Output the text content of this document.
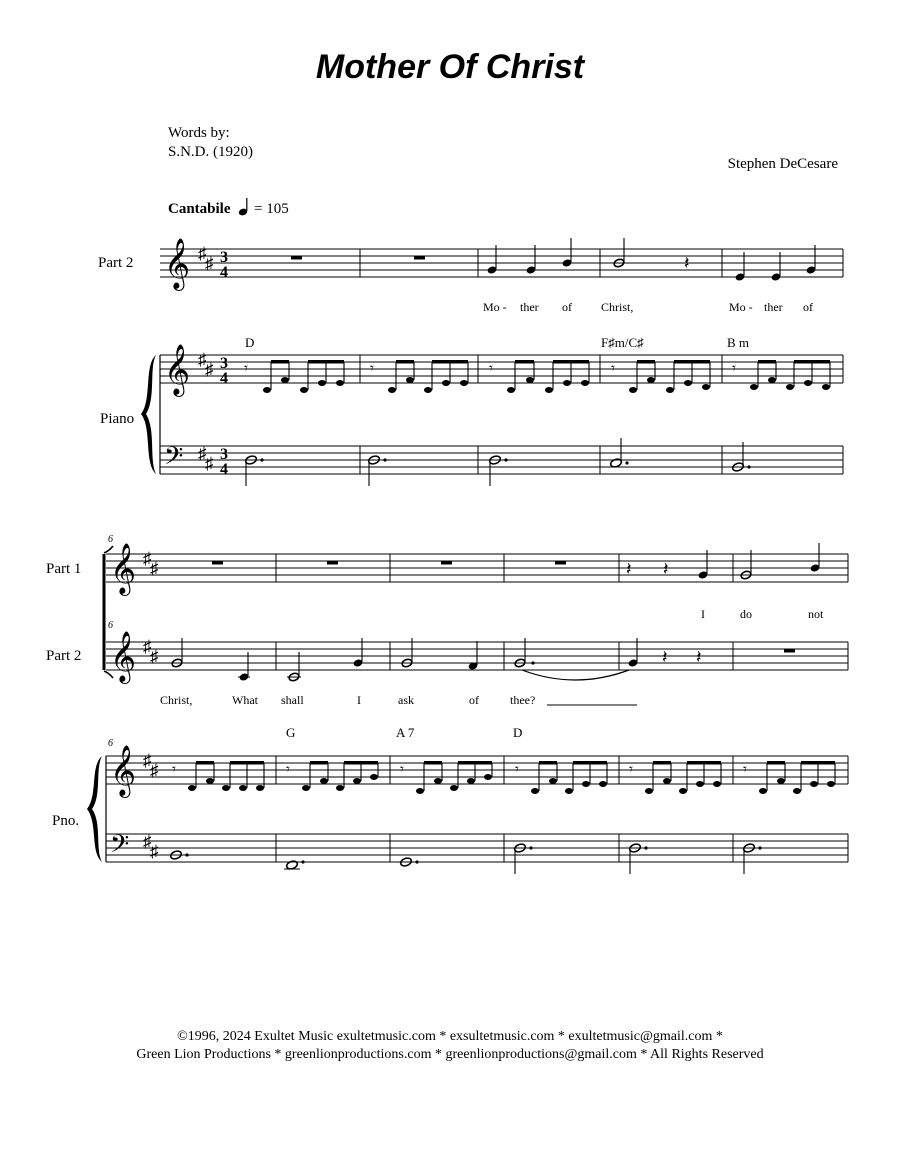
Mother Of Christ
Words by:
S.N.D. (1920)
Stephen DeCesare
Cantabile = 105
Part 2
Piano
𝄞 ♯
♯ 3
4	𝄽
Mo - ther of Christ,	Mo - ther of
D	F♯m/C♯	B m
𝄞 ♯
♯ 3
4
𝄾	𝄾	𝄾	𝄾	𝄾
𝄢 ♯
♯ 3
4
Part 1
Part 2
Pno.
6
𝄞 ♯
♯	𝄽 𝄽
I	do	not
6
𝄞 ♯
♯	𝄽 𝄽
Christ,	What shall	I	ask	of	thee?
G	A 7	D
6
𝄞 ♯
♯ 𝄾	𝄾	𝄾	𝄾	𝄾	𝄾
𝄢 ♯
♯
©1996, 2024 Exultet Music exultetmusic.com * exsultetmusic.com * exultetmusic@gmail.com *
Green Lion Productions * greenlionproductions.com * greenlionproductions@gmail.com * All Rights Reserved
